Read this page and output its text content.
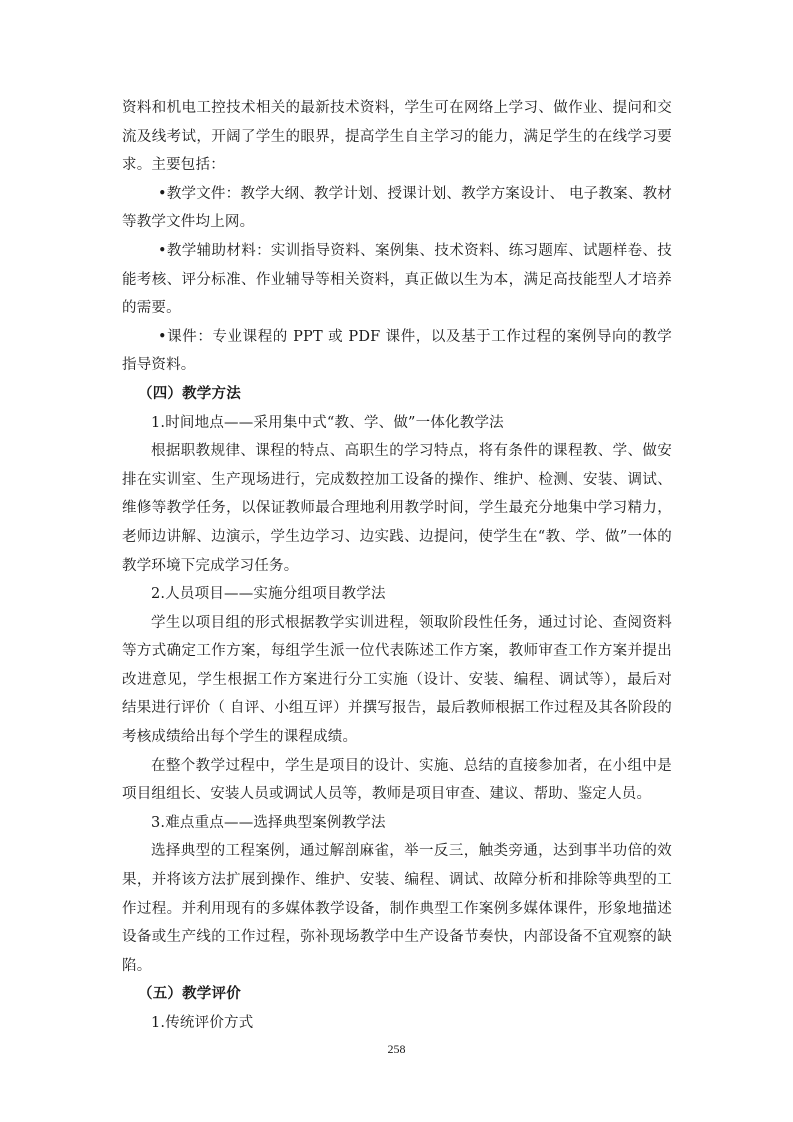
资料和机电工控技术相关的最新技术资料，学生可在网络上学习、做作业、提问和交流及线考试，开阔了学生的眼界，提高学生自主学习的能力，满足学生的在线学习要求。主要包括：

•教学文件：教学大纲、教学计划、授课计划、教学方案设计、 电子教案、教材等教学文件均上网。

•教学辅助材料：实训指导资料、案例集、技术资料、练习题库、试题样卷、技能考核、评分标准、作业辅导等相关资料，真正做以生为本，满足高技能型人才培养的需要。

•课件：专业课程的 PPT 或 PDF 课件，以及基于工作过程的案例导向的教学指导资料。

（四）教学方法

1.时间地点——采用集中式“教、学、做”一体化教学法

根据职教规律、课程的特点、高职生的学习特点，将有条件的课程教、学、做安排在实训室、生产现场进行，完成数控加工设备的操作、维护、检测、安装、调试、维修等教学任务，以保证教师最合理地利用教学时间，学生最充分地集中学习精力，老师边讲解、边演示，学生边学习、边实践、边提问，使学生在“教、学、做”一体的教学环境下完成学习任务。

2.人员项目——实施分组项目教学法

学生以项目组的形式根据教学实训进程，领取阶段性任务，通过讨论、查阅资料等方式确定工作方案，每组学生派一位代表陈述工作方案，教师审查工作方案并提出改进意见，学生根据工作方案进行分工实施（设计、安装、编程、调试等），最后对结果进行评价（ 自评、小组互评）并撰写报告，最后教师根据工作过程及其各阶段的考核成绩给出每个学生的课程成绩。

在整个教学过程中，学生是项目的设计、实施、总结的直接参加者，在小组中是项目组组长、安装人员或调试人员等，教师是项目审查、建议、帮助、鉴定人员。

3.难点重点——选择典型案例教学法

选择典型的工程案例，通过解剖麻雀，举一反三，触类旁通，达到事半功倍的效果，并将该方法扩展到操作、维护、安装、编程、调试、故障分析和排除等典型的工作过程。并利用现有的多媒体教学设备，制作典型工作案例多媒体课件，形象地描述设备或生产线的工作过程，弥补现场教学中生产设备节奏快，内部设备不宜观察的缺陷。

（五）教学评价

1.传统评价方式

258
